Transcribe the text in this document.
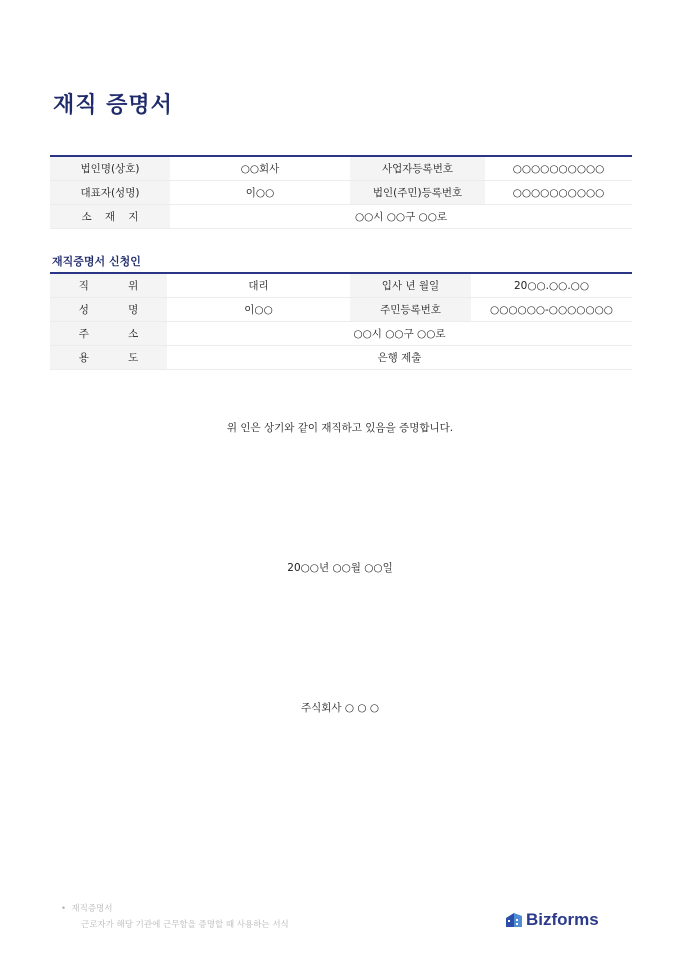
재직 증명서
법인명(상호)	○○회사	사업자등록번호	○○○○○○○○○○
대표자(성명)	이○○	법인(주민)등록번호	○○○○○○○○○○
소 재 지	○○시 ○○구 ○○로		
재직증명서 신청인
직 위	대리	입사 년 월일	20○○.○○.○○
성 명	이○○	주민등록번호	○○○○○○-○○○○○○○
주 소	○○시 ○○구 ○○로		
용 도	은행 제출		
위 인은 상기와 같이 재직하고 있음을 증명합니다.
20○○년 ○○월 ○○일
주식회사 ○ ○ ○
• 재직증명서
근로자가 해당 기관에 근무함을 증명할 때 사용하는 서식	Bizforms
